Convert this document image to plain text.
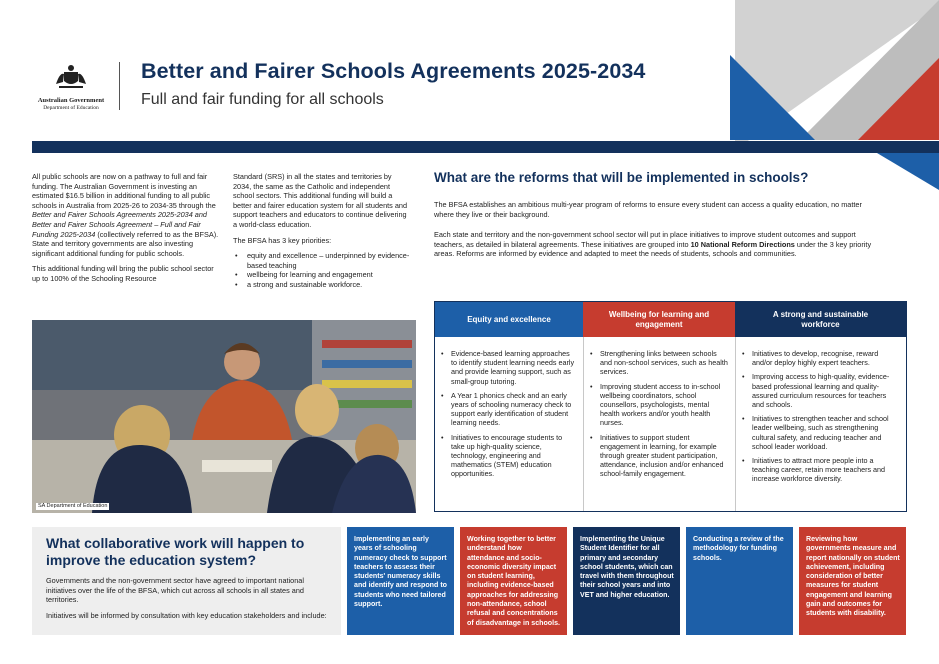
Australian Government
Department of Education
Better and Fairer Schools Agreements 2025-2034
Full and fair funding for all schools

All public schools are now on a pathway to full and fair funding. The Australian Government is investing an estimated $16.5 billion in additional funding to all public schools in Australia from 2025-26 to 2034-35 through the Better and Fairer Schools Agreements 2025-2034 and Better and Fairer Schools Agreement – Full and Fair Funding 2025-2034 (collectively referred to as the BFSA). State and territory governments are also investing significant additional funding for public schools.

This additional funding will bring the public school sector up to 100% of the Schooling Resource

Standard (SRS) in all the states and territories by 2034, the same as the Catholic and independent school sectors. This additional funding will build a better and fairer education system for all students and support teachers and educators to continue delivering a world-class education.

The BFSA has 3 key priorities:

• equity and excellence – underpinned by evidence-based teaching
• wellbeing for learning and engagement
• a strong and sustainable workforce.
What are the reforms that will be implemented in schools?

The BFSA establishes an ambitious multi-year program of reforms to ensure every student can access a quality education, no matter where they live or their background.

Each state and territory and the non-government school sector will put in place initiatives to improve student outcomes and support teachers, as detailed in bilateral agreements. These initiatives are grouped into 10 National Reform Directions under the 3 key priority areas. Reforms are informed by evidence and adapted to meet the needs of students, schools and communities.

SA Department of Education
Equity and excellence
Wellbeing for learning and engagement
A strong and sustainable workforce
• Evidence-based learning approaches to identify student learning needs early and provide learning support, such as small-group tutoring.
• A Year 1 phonics check and an early years of schooling numeracy check to support early identification of student learning needs.
• Initiatives to encourage students to take up high-quality science, technology, engineering and mathematics (STEM) education opportunities.
• Strengthening links between schools and non-school services, such as health services.
• Improving student access to in-school wellbeing coordinators, school counsellors, psychologists, mental health workers and/or youth health nurses.
• Initiatives to support student engagement in learning, for example through greater student participation, attendance, inclusion and/or enhanced school-family engagement.
• Initiatives to develop, recognise, reward and/or deploy highly expert teachers.
• Improving access to high-quality, evidence-based professional learning and quality-assured curriculum resources for teachers and schools.
• Initiatives to strengthen teacher and school leader wellbeing, such as strengthening cultural safety, and reducing teacher and school leader workload.
• Initiatives to attract more people into a teaching career, retain more teachers and increase workforce diversity.
What collaborative work will happen to improve the education system?

Governments and the non-government sector have agreed to important national initiatives over the life of the BFSA, which cut across all schools in all states and territories.

Initiatives will be informed by consultation with key education stakeholders and include:

Implementing an early years of schooling numeracy check to support teachers to assess their students' numeracy skills and identify and respond to students who need tailored support.
Working together to better understand how attendance and socio-economic diversity impact on student learning, including evidence-based approaches for addressing non-attendance, school refusal and concentrations of disadvantage in schools.
Implementing the Unique Student Identifier for all primary and secondary school students, which can travel with them throughout their school years and into VET and higher education.
Conducting a review of the methodology for funding schools.
Reviewing how governments measure and report nationally on student achievement, including consideration of better measures for student engagement and learning gain and outcomes for students with disability.
